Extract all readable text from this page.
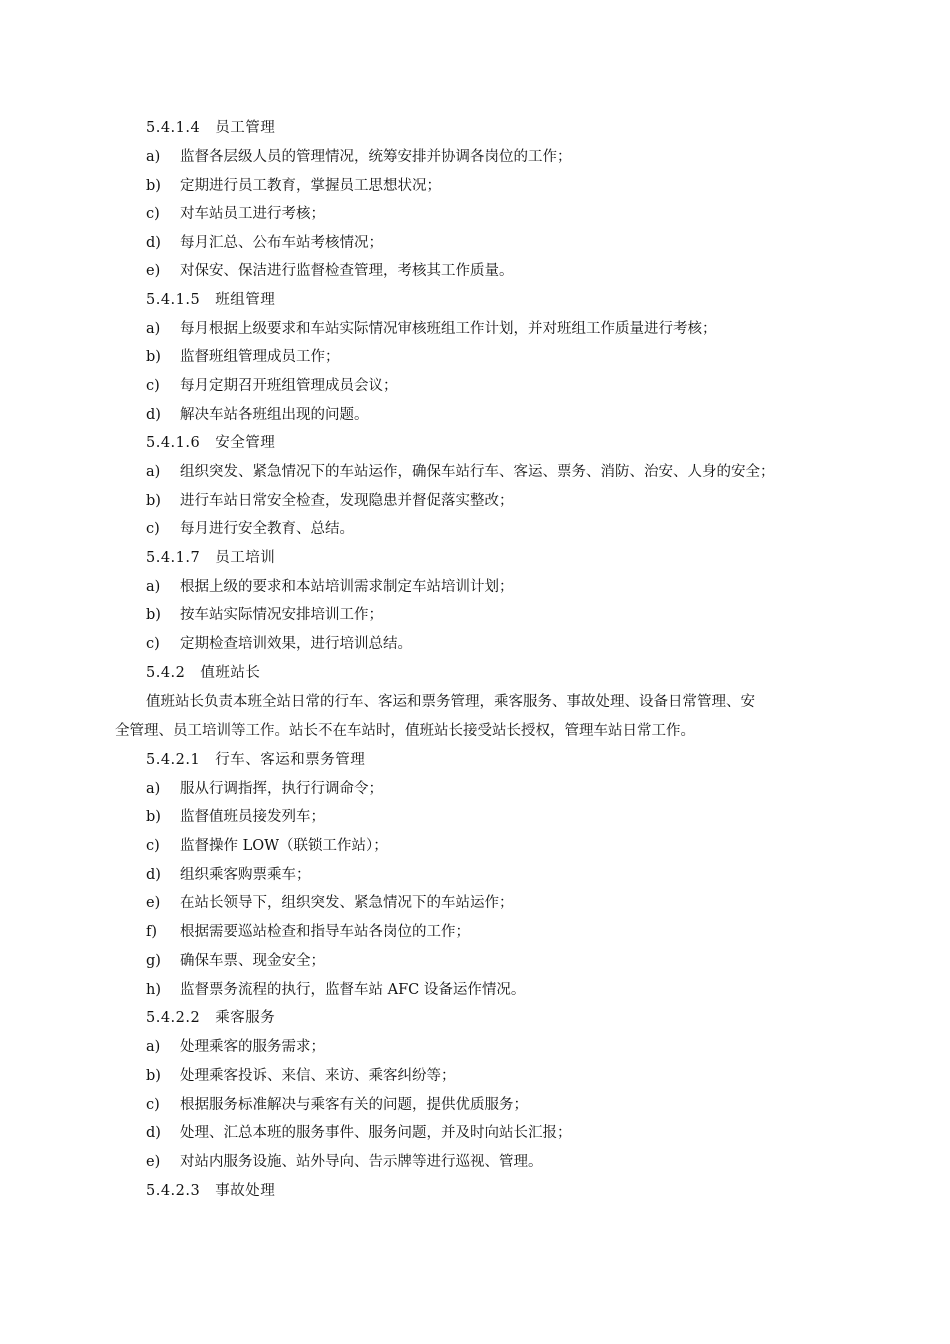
5.4.1.4　员工管理
a) 监督各层级人员的管理情况，统筹安排并协调各岗位的工作；
b) 定期进行员工教育，掌握员工思想状况；
c) 对车站员工进行考核；
d) 每月汇总、公布车站考核情况；
e) 对保安、保洁进行监督检查管理，考核其工作质量。
5.4.1.5　班组管理
a) 每月根据上级要求和车站实际情况审核班组工作计划，并对班组工作质量进行考核；
b) 监督班组管理成员工作；
c) 每月定期召开班组管理成员会议；
d) 解决车站各班组出现的问题。
5.4.1.6　安全管理
a) 组织突发、紧急情况下的车站运作，确保车站行车、客运、票务、消防、治安、人身的安全；
b) 进行车站日常安全检查，发现隐患并督促落实整改；
c) 每月进行安全教育、总结。
5.4.1.7　员工培训
a) 根据上级的要求和本站培训需求制定车站培训计划；
b) 按车站实际情况安排培训工作；
c) 定期检查培训效果，进行培训总结。
5.4.2　值班站长
值班站长负责本班全站日常的行车、客运和票务管理，乘客服务、事故处理、设备日常管理、安
全管理、员工培训等工作。站长不在车站时，值班站长接受站长授权，管理车站日常工作。
5.4.2.1　行车、客运和票务管理
a) 服从行调指挥，执行行调命令；
b) 监督值班员接发列车；
c) 监督操作 LOW（联锁工作站）；
d) 组织乘客购票乘车；
e) 在站长领导下，组织突发、紧急情况下的车站运作；
f) 根据需要巡站检查和指导车站各岗位的工作；
g) 确保车票、现金安全；
h) 监督票务流程的执行，监督车站 AFC 设备运作情况。
5.4.2.2　乘客服务
a) 处理乘客的服务需求；
b) 处理乘客投诉、来信、来访、乘客纠纷等；
c) 根据服务标准解决与乘客有关的问题，提供优质服务；
d) 处理、汇总本班的服务事件、服务问题，并及时向站长汇报；
e) 对站内服务设施、站外导向、告示牌等进行巡视、管理。
5.4.2.3　事故处理
